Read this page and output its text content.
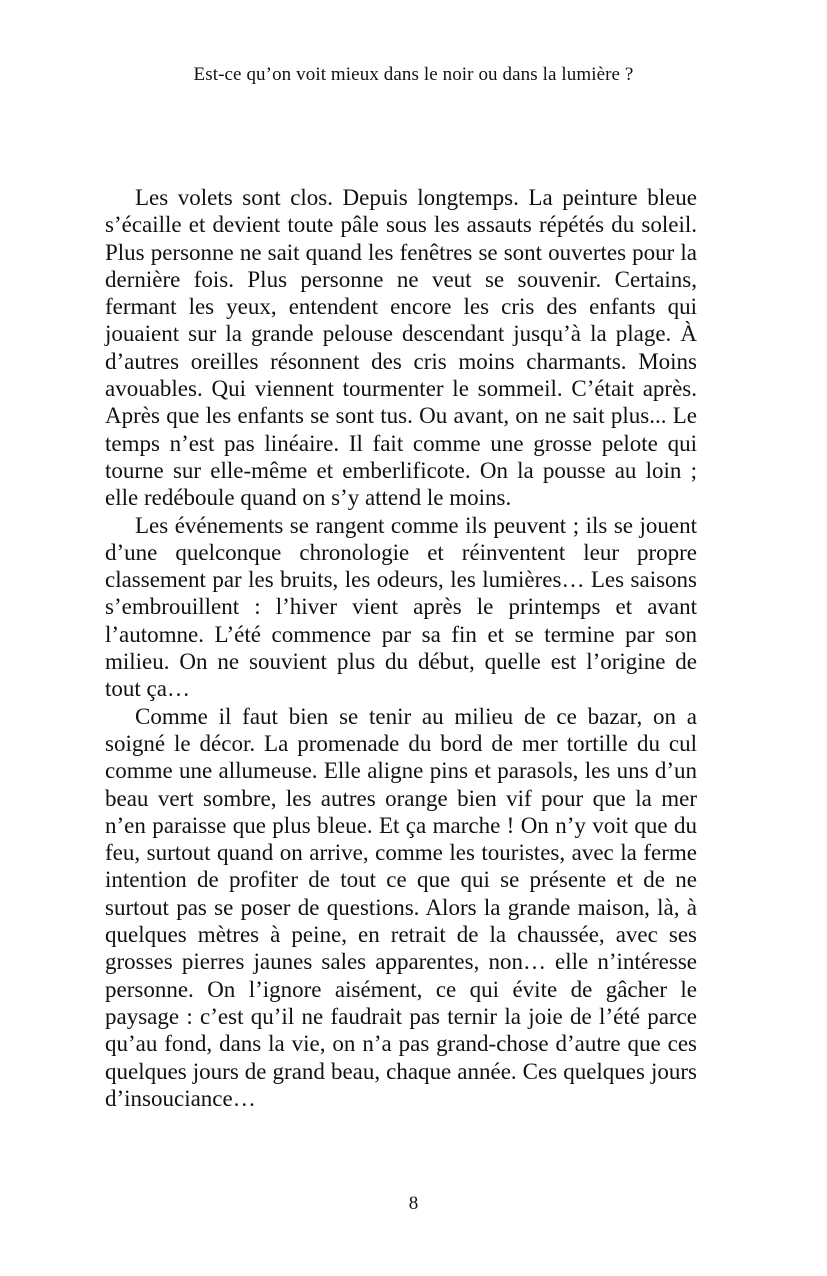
Est-ce qu’on voit mieux dans le noir ou dans la lumière ?

Les volets sont clos. Depuis longtemps. La peinture bleue s’écaille et devient toute pâle sous les assauts répétés du soleil. Plus personne ne sait quand les fenêtres se sont ouvertes pour la dernière fois. Plus personne ne veut se souvenir. Certains, fermant les yeux, entendent encore les cris des enfants qui jouaient sur la grande pelouse descendant jusqu’à la plage. À d’autres oreilles résonnent des cris moins charmants. Moins avouables. Qui viennent tourmenter le sommeil. C’était après. Après que les enfants se sont tus. Ou avant, on ne sait plus... Le temps n’est pas linéaire. Il fait comme une grosse pelote qui tourne sur elle-même et emberlificote. On la pousse au loin ; elle redéboule quand on s’y attend le moins.

Les événements se rangent comme ils peuvent ; ils se jouent d’une quelconque chronologie et réinventent leur propre classement par les bruits, les odeurs, les lumières… Les saisons s’embrouillent : l’hiver vient après le printemps et avant l’automne. L’été commence par sa fin et se termine par son milieu. On ne souvient plus du début, quelle est l’origine de tout ça…

Comme il faut bien se tenir au milieu de ce bazar, on a soigné le décor. La promenade du bord de mer tortille du cul comme une allumeuse. Elle aligne pins et parasols, les uns d’un beau vert sombre, les autres orange bien vif pour que la mer n’en paraisse que plus bleue. Et ça marche ! On n’y voit que du feu, surtout quand on arrive, comme les touristes, avec la ferme intention de profiter de tout ce que qui se présente et de ne surtout pas se poser de questions. Alors la grande maison, là, à quelques mètres à peine, en retrait de la chaussée, avec ses grosses pierres jaunes sales apparentes, non… elle n’intéresse personne. On l’ignore aisément, ce qui évite de gâcher le paysage : c’est qu’il ne faudrait pas ternir la joie de l’été parce qu’au fond, dans la vie, on n’a pas grand-chose d’autre que ces quelques jours de grand beau, chaque année. Ces quelques jours d’insouciance…

8
